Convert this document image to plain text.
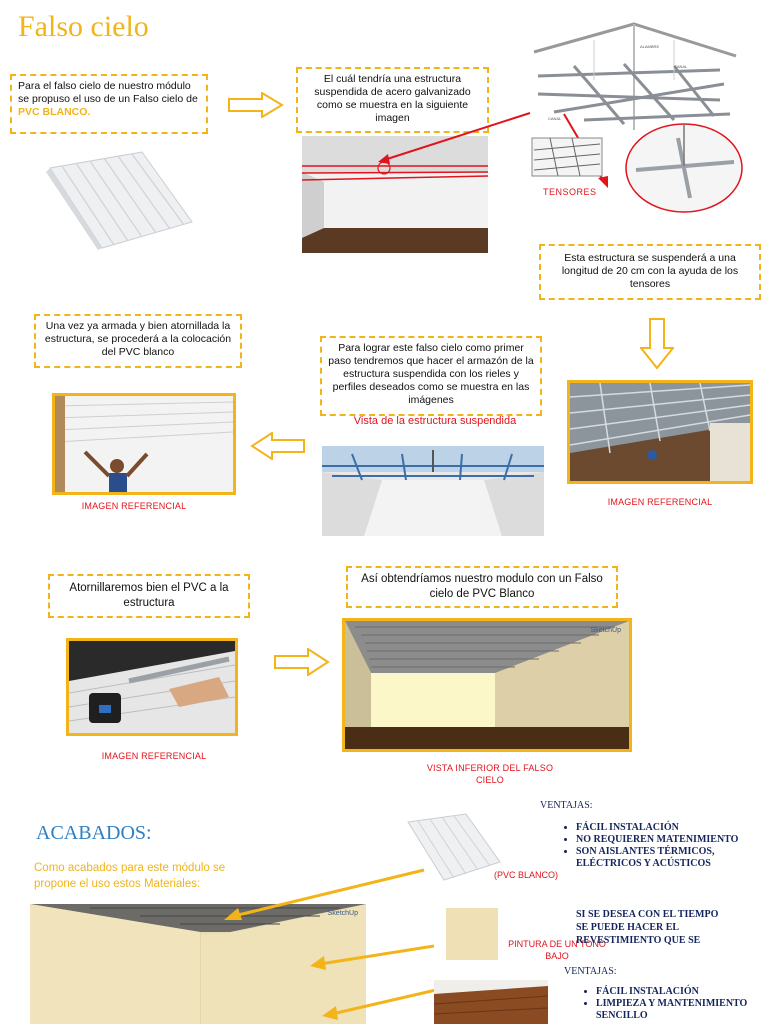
Falso cielo
Para el falso cielo de nuestro módulo se propuso el uso de un Falso cielo de PVC BLANCO.
El cuál tendría una estructura suspendida de acero galvanizado como se muestra en la siguiente imagen
ALAMBRE
CANAL
CANAL
TENSORES
Esta estructura se suspenderá a una longitud de 20 cm con la ayuda de los tensores
IMAGEN REFERENCIAL
Una vez ya armada y bien atornillada la estructura, se procederá a la colocación del PVC blanco	Para lograr este falso cielo como primer paso tendremos que hacer el armazón de la estructura suspendida con los rieles y perfiles deseados como se muestra en las imágenes
Vista de la estructura suspendida
IMAGEN REFERENCIAL
Atornillaremos bien el PVC a la estructura
IMAGEN REFERENCIAL
Así obtendríamos nuestro modulo con un Falso cielo de PVC Blanco
SketchUp
VISTA INFERIOR DEL FALSO CIELO
ACABADOS:
Como acabados para este módulo se propone el uso estos Materiales:
SketchUp
(PVC BLANCO)
PINTURA DE UN TONO BAJO
VENTAJAS:
• FÁCIL INSTALACIÓN
• NO REQUIEREN MATENIMIENTO
• SON AISLANTES TÉRMICOS, ELÉCTRICOS Y ACÚSTICOS
SI SE DESEA CON EL TIEMPO SE PUEDE HACER EL REVESTIMIENTO QUE SE
VENTAJAS:
• FÁCIL INSTALACIÓN
• LIMPIEZA Y MANTENIMIENTO SENCILLO
